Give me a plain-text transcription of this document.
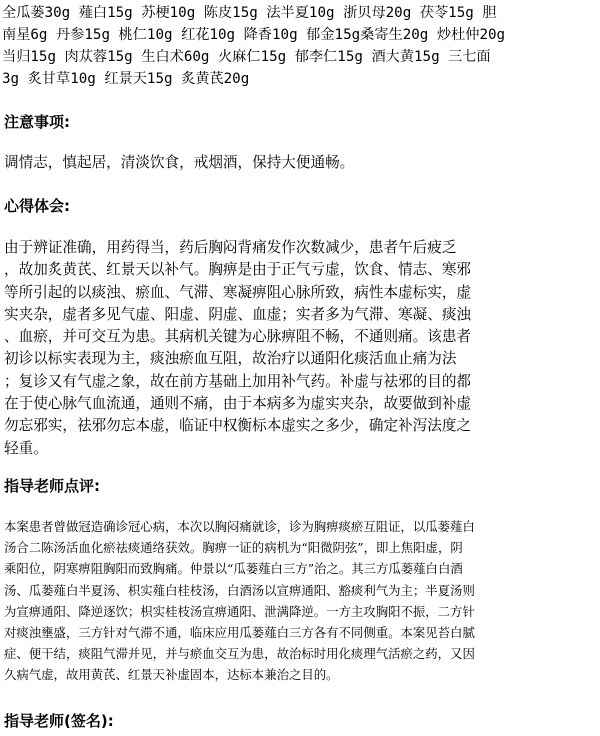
全瓜蒌30g 薤白15g 苏梗10g 陈皮15g 法半夏10g 浙贝母20g 茯苓15g 胆
南星6g 丹参15g 桃仁10g 红花10g 降香10g 郁金15g桑寄生20g 炒杜仲20g
当归15g 肉苁蓉15g 生白术60g 火麻仁15g 郁李仁15g 酒大黄15g 三七面
3g 炙甘草10g 红景天15g 炙黄芪20g
注意事项:
调情志，慎起居，清淡饮食，戒烟酒，保持大便通畅。
心得体会:
由于辨证准确，用药得当，药后胸闷背痛发作次数减少，患者午后疲乏
，故加炙黄芪、红景天以补气。胸痹是由于正气亏虚，饮食、情志、寒邪
等所引起的以痰浊、瘀血、气滞、寒凝痹阻心脉所致，病性本虚标实，虚
实夹杂，虚者多见气虚、阳虚、阴虚、血虚；实者多为气滞、寒凝、痰浊
、血瘀，并可交互为患。其病机关键为心脉痹阻不畅，不通则痛。该患者
初诊以标实表现为主，痰浊瘀血互阻，故治疗以通阳化痰活血止痛为法
；复诊又有气虚之象，故在前方基础上加用补气药。补虚与祛邪的目的都
在于使心脉气血流通，通则不痛，由于本病多为虚实夹杂，故要做到补虚
勿忘邪实，祛邪勿忘本虚，临证中权衡标本虚实之多少，确定补泻法度之
轻重。
指导老师点评:
本案患者曾做冠造确诊冠心病，本次以胸闷痛就诊，诊为胸痹痰瘀互阻证，以瓜蒌薤白
汤合二陈汤活血化瘀祛痰通络获效。胸痹一证的病机为“阳微阴弦”，即上焦阳虚，阴
乘阳位，阴寒痹阻胸阳而致胸痛。仲景以“瓜蒌薤白三方”治之。其三方瓜蒌薤白白酒
汤、瓜蒌薤白半夏汤、枳实薤白桂枝汤，白酒汤以宣痹通阳、豁痰利气为主；半夏汤则
为宣痹通阳、降逆逐饮；枳实桂枝汤宣痹通阳、泄满降逆。一方主攻胸阳不振，二方针
对痰浊壅盛，三方针对气滞不通，临床应用瓜蒌薤白三方各有不同侧重。本案见苔白腻
症、便干结，痰阻气滞并见，并与瘀血交互为患，故治标时用化痰理气活瘀之药，又因
久病气虚，故用黄芪、红景天补虚固本，达标本兼治之目的。
指导老师(签名):
